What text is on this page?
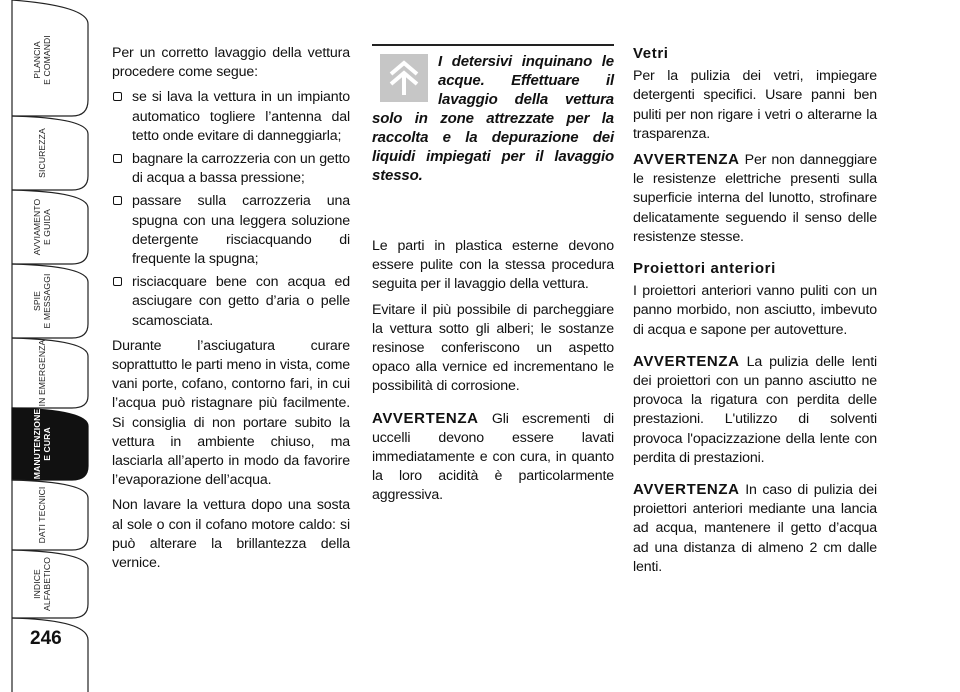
PLANCIA
E COMANDI
SICUREZZA
AVVIAMENTO
E GUIDA
SPIE
E MESSAGGI
IN EMERGENZA
MANUTENZIONE
E CURA
DATI TECNICI
INDICE
ALFABETICO
246

Per un corretto lavaggio della vettura procedere come segue:

se si lava la vettura in un impianto automatico togliere l’antenna dal tetto onde evitare di danneggiarla;
bagnare la carrozzeria con un getto di acqua a bassa pressione;
passare sulla carrozzeria una spugna con una leggera soluzione detergente risciacquando di frequente la spugna;
risciacquare bene con acqua ed asciugare con getto d’aria o pelle scamosciata.

Durante l’asciugatura curare soprattutto le parti meno in vista, come vani porte, cofano, contorno fari, in cui l’acqua può ristagnare più facilmente. Si consiglia di non portare subito la vettura in ambiente chiuso, ma lasciarla all’aperto in modo da favorire l’evaporazione dell’acqua.

Non lavare la vettura dopo una sosta al sole o con il cofano motore caldo: si può alterare la brillantezza della vernice.

I detersivi inquinano le acque. Effettuare il lavaggio della vettura solo in zone attrezzate per la raccolta e la depurazione dei liquidi impiegati per il lavaggio stesso.

Le parti in plastica esterne devono essere pulite con la stessa procedura seguita per il lavaggio della vettura.

Evitare il più possibile di parcheggiare la vettura sotto gli alberi; le sostanze resinose conferiscono un aspetto opaco alla vernice ed incrementano le possibilità di corrosione.

AVVERTENZA Gli escrementi di uccelli devono essere lavati immediatamente e con cura, in quanto la loro acidità è particolarmente aggressiva.

Vetri

Per la pulizia dei vetri, impiegare detergenti specifici. Usare panni ben puliti per non rigare i vetri o alterarne la trasparenza.

AVVERTENZA Per non danneggiare le resistenze elettriche presenti sulla superficie interna del lunotto, strofinare delicatamente seguendo il senso delle resistenze stesse.

Proiettori anteriori

I proiettori anteriori vanno puliti con un panno morbido, non asciutto, imbevuto di acqua e sapone per autovetture.

AVVERTENZA La pulizia delle lenti dei proiettori con un panno asciutto ne provoca la rigatura con perdita delle prestazioni. L'utilizzo di solventi provoca l'opacizzazione della lente con perdita di prestazioni.

AVVERTENZA In caso di pulizia dei proiettori anteriori mediante una lancia ad acqua, mantenere il getto d’acqua ad una distanza di almeno 2 cm dalle lenti.
